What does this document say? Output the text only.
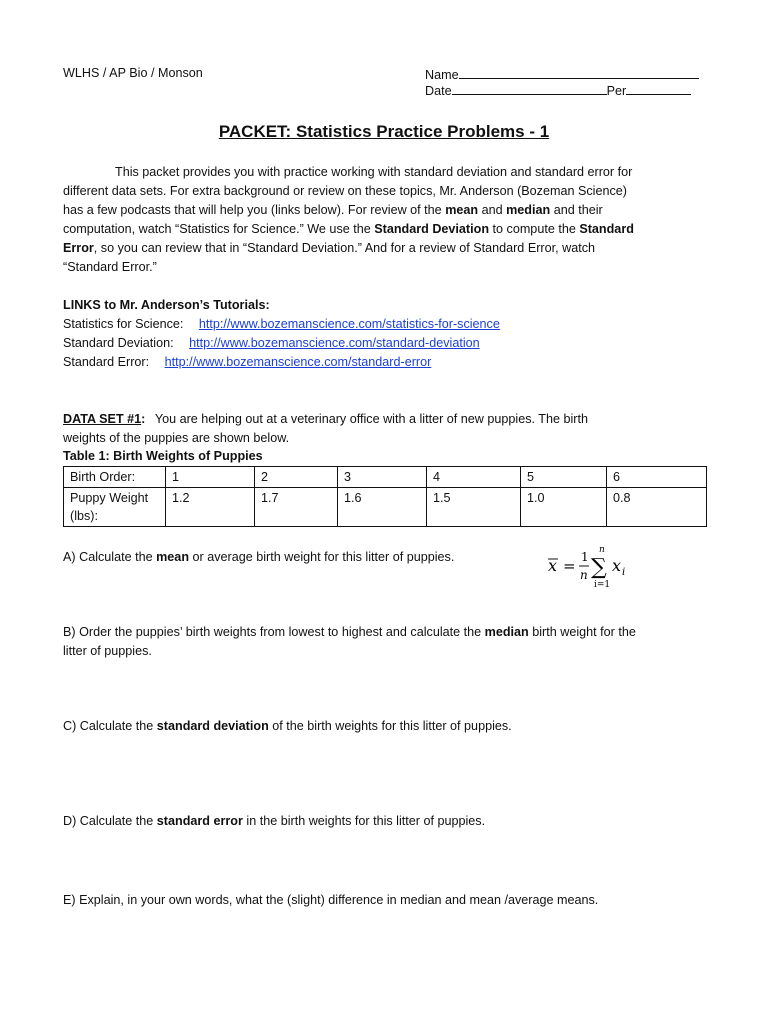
WLHS / AP Bio / Monson	Name
Date	Per
PACKET: Statistics Practice Problems - 1
This packet provides you with practice working with standard deviation and standard error for
different data sets. For extra background or review on these topics, Mr. Anderson (Bozeman Science)
has a few podcasts that will help you (links below). For review of the mean and median and their
computation, watch “Statistics for Science.” We use the Standard Deviation to compute the Standard
Error, so you can review that in “Standard Deviation.” And for a review of Standard Error, watch
“Standard Error.”
LINKS to Mr. Anderson’s Tutorials:
Statistics for Science: http://www.bozemanscience.com/statistics-for-science
Standard Deviation: http://www.bozemanscience.com/standard-deviation
Standard Error: http://www.bozemanscience.com/standard-error
DATA SET #1: You are helping out at a veterinary office with a litter of new puppies. The birth
weights of the puppies are shown below.
Table 1: Birth Weights of Puppies
Birth Order:	1	2	3	4	5	6
Puppy Weight (lbs):	1.2	1.7	1.6	1.5	1.0	0.8
A) Calculate the mean or average birth weight for this litter of puppies.	x = 1
n
n
∑
i=1
x i
B) Order the puppies’ birth weights from lowest to highest and calculate the median birth weight for the
litter of puppies.
C) Calculate the standard deviation of the birth weights for this litter of puppies.
D) Calculate the standard error in the birth weights for this litter of puppies.
E) Explain, in your own words, what the (slight) difference in median and mean /average means.
